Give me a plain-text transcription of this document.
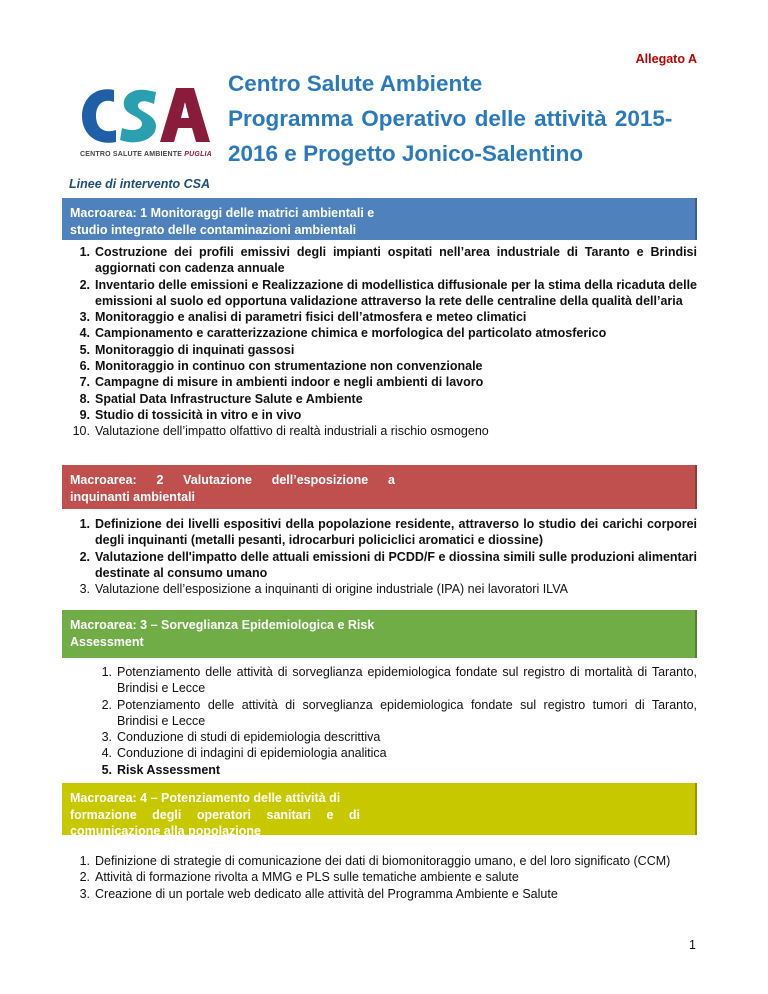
Allegato A
CENTRO SALUTE AMBIENTE PUGLIA
Centro Salute Ambiente
Programma Operativo delle attività 2015-
2016 e Progetto Jonico-Salentino
Linee di intervento CSA
Macroarea: 1 Monitoraggi delle matrici ambientali e
studio integrato delle contaminazioni ambientali
1. Costruzione dei profili emissivi degli impianti ospitati nell’area industriale di Taranto e Brindisi aggiornati con cadenza annuale
2. Inventario delle emissioni e Realizzazione di modellistica diffusionale per la stima della ricaduta delle emissioni al suolo ed opportuna validazione attraverso la rete delle centraline della qualità dell’aria
3. Monitoraggio e analisi di parametri fisici dell’atmosfera e meteo climatici
4. Campionamento e caratterizzazione chimica e morfologica del particolato atmosferico
5. Monitoraggio di inquinati gassosi
6. Monitoraggio in continuo con strumentazione non convenzionale
7. Campagne di misure in ambienti indoor e negli ambienti di lavoro
8. Spatial Data Infrastructure Salute e Ambiente
9. Studio di tossicità in vitro e in vivo
10. Valutazione dell’impatto olfattivo di realtà industriali a rischio osmogeno
Macroarea: 2 Valutazione dell’esposizione a
inquinanti ambientali
1. Definizione dei livelli espositivi della popolazione residente, attraverso lo studio dei carichi corporei degli inquinanti (metalli pesanti, idrocarburi policiclici aromatici e diossine)
2. Valutazione dell'impatto delle attuali emissioni di PCDD/F e diossina simili sulle produzioni alimentari destinate al consumo umano
3. Valutazione dell’esposizione a inquinanti di origine industriale (IPA) nei lavoratori ILVA
Macroarea: 3 – Sorveglianza Epidemiologica e Risk
Assessment
1. Potenziamento delle attività di sorveglianza epidemiologica fondate sul registro di mortalità di Taranto, Brindisi e Lecce
2. Potenziamento delle attività di sorveglianza epidemiologica fondate sul registro tumori di Taranto, Brindisi e Lecce
3. Conduzione di studi di epidemiologia descrittiva
4. Conduzione di indagini di epidemiologia analitica
5. Risk Assessment
Macroarea: 4 – Potenziamento delle attività di
formazione degli operatori sanitari e di
comunicazione alla popolazione
1. Definizione di strategie di comunicazione dei dati di biomonitoraggio umano, e del loro significato (CCM)
2. Attività di formazione rivolta a MMG e PLS sulle tematiche ambiente e salute
3. Creazione di un portale web dedicato alle attività del Programma Ambiente e Salute
1
